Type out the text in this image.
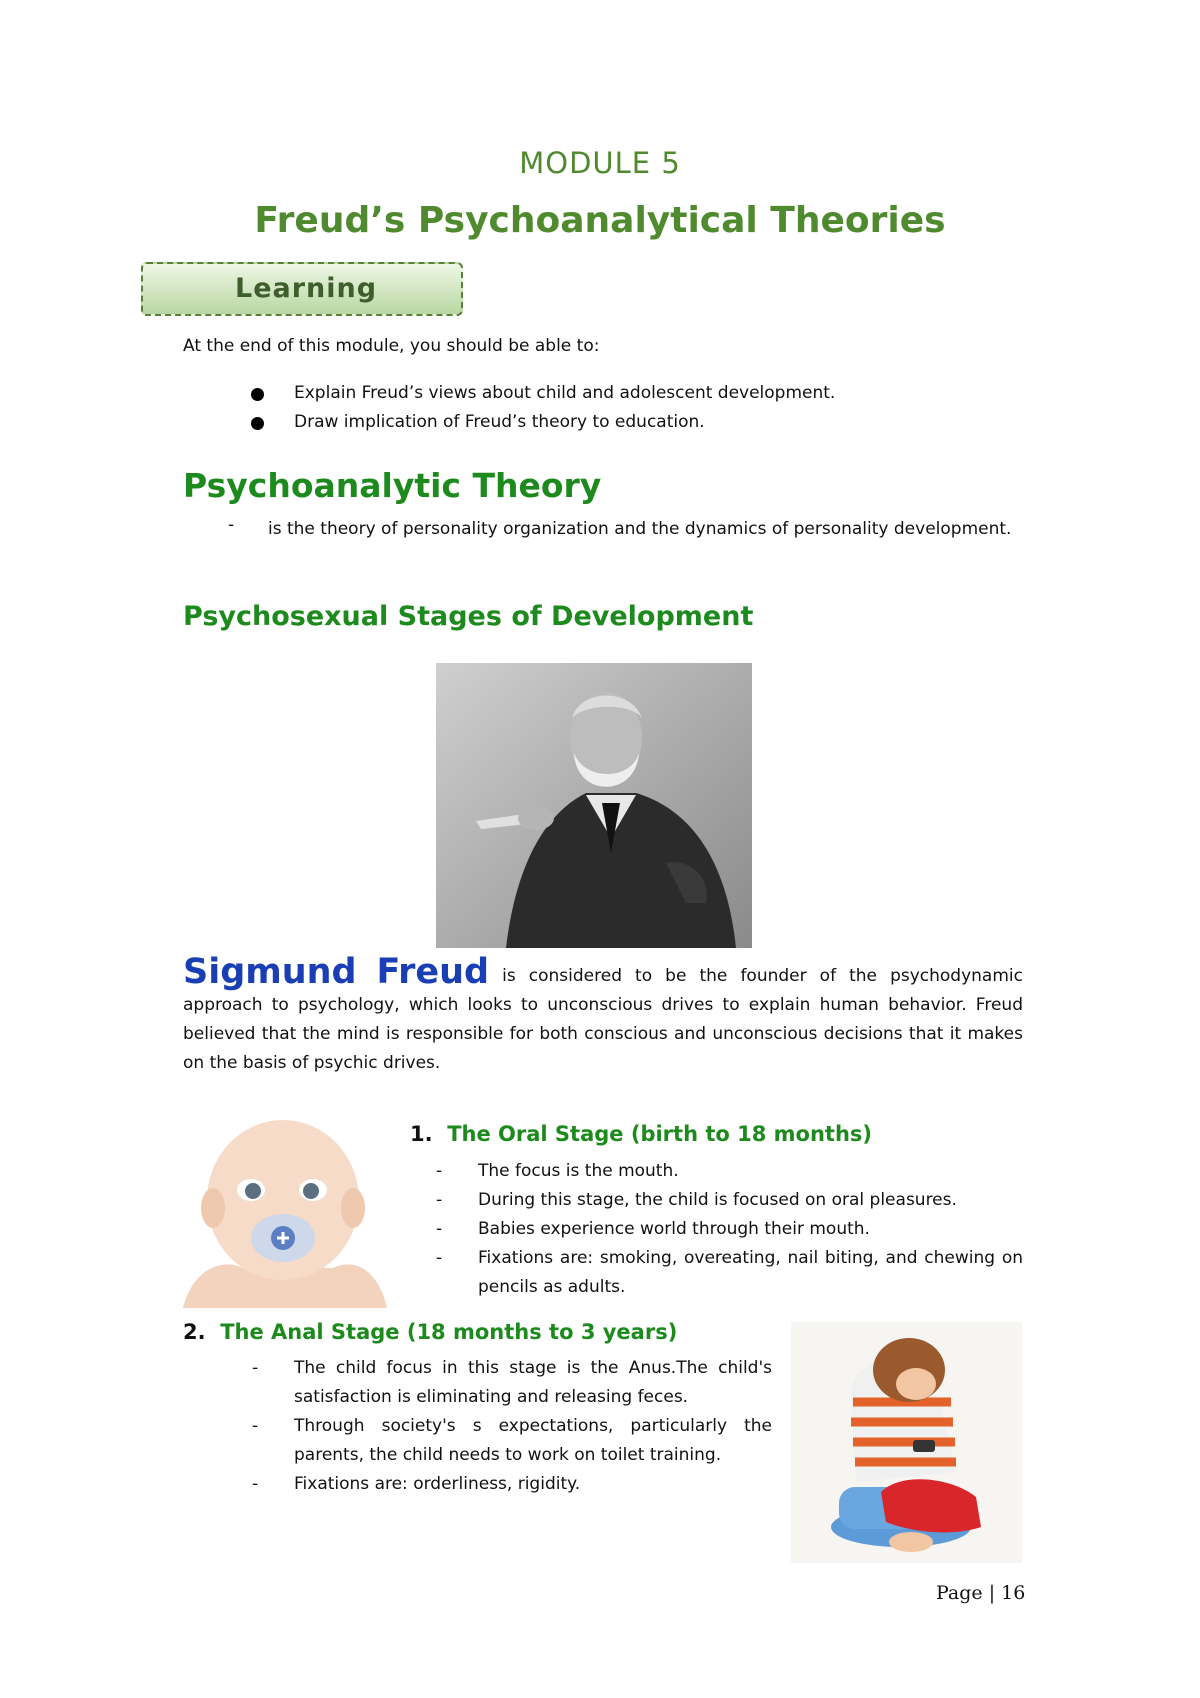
MODULE 5
Freud’s Psychoanalytical Theories
Learning
At the end of this module, you should be able to:
Explain Freud’s views about child and adolescent development.
Draw implication of Freud’s theory to education.
Psychoanalytic Theory
- is the theory of personality organization and the dynamics of personality development.
Psychosexual Stages of Development
Sigmund Freud is considered to be the founder of the psychodynamic approach to psychology, which looks to unconscious drives to explain human behavior. Freud believed that the mind is responsible for both conscious and unconscious decisions that it makes on the basis of psychic drives.
1. The Oral Stage (birth to 18 months)
- The focus is the mouth.
- During this stage, the child is focused on oral pleasures.
- Babies experience world through their mouth.
- Fixations are: smoking, overeating, nail biting, and chewing on pencils as adults.
2. The Anal Stage (18 months to 3 years)
- The child focus in this stage is the Anus.The child's satisfaction is eliminating and releasing feces.
- Through society's s expectations, particularly the parents, the child needs to work on toilet training.
- Fixations are: orderliness, rigidity.
Page | 16
